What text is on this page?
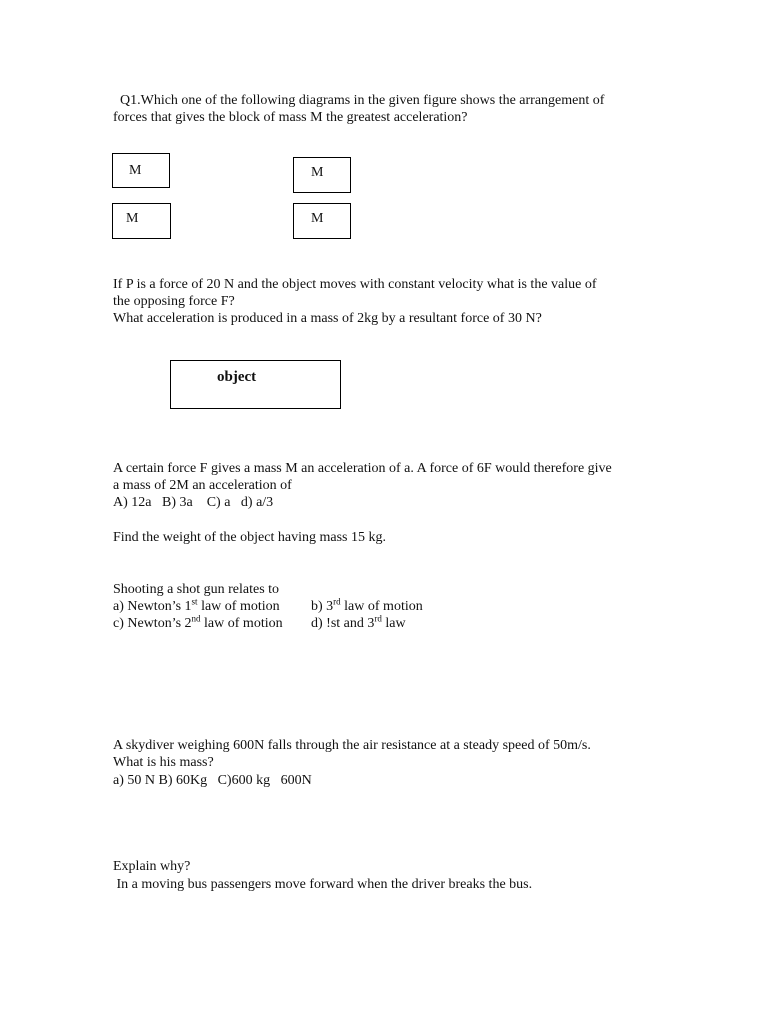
Q1.Which one of the following diagrams in the given figure shows the arrangement of
forces that gives the block of mass M the greatest acceleration?
M	M
M	M
If P is a force of 20 N and the object moves with constant velocity what is the value of
the opposing force F?
What acceleration is produced in a mass of 2kg by a resultant force of 30 N?
object
A certain force F gives a mass M an acceleration of a. A force of 6F would therefore give
a mass of 2M an acceleration of
A) 12a   B) 3a    C) a   d) a/3
Find the weight of the object having mass 15 kg.
Shooting a shot gun relates to
a) Newton’s 1st law of motion b) 3rd law of motion
c) Newton’s 2nd law of motion d) !st and 3rd law
A skydiver weighing 600N falls through the air resistance at a steady speed of 50m/s.
What is his mass?
a) 50 N B) 60Kg   C)600 kg   600N
Explain why?
In a moving bus passengers move forward when the driver breaks the bus.
